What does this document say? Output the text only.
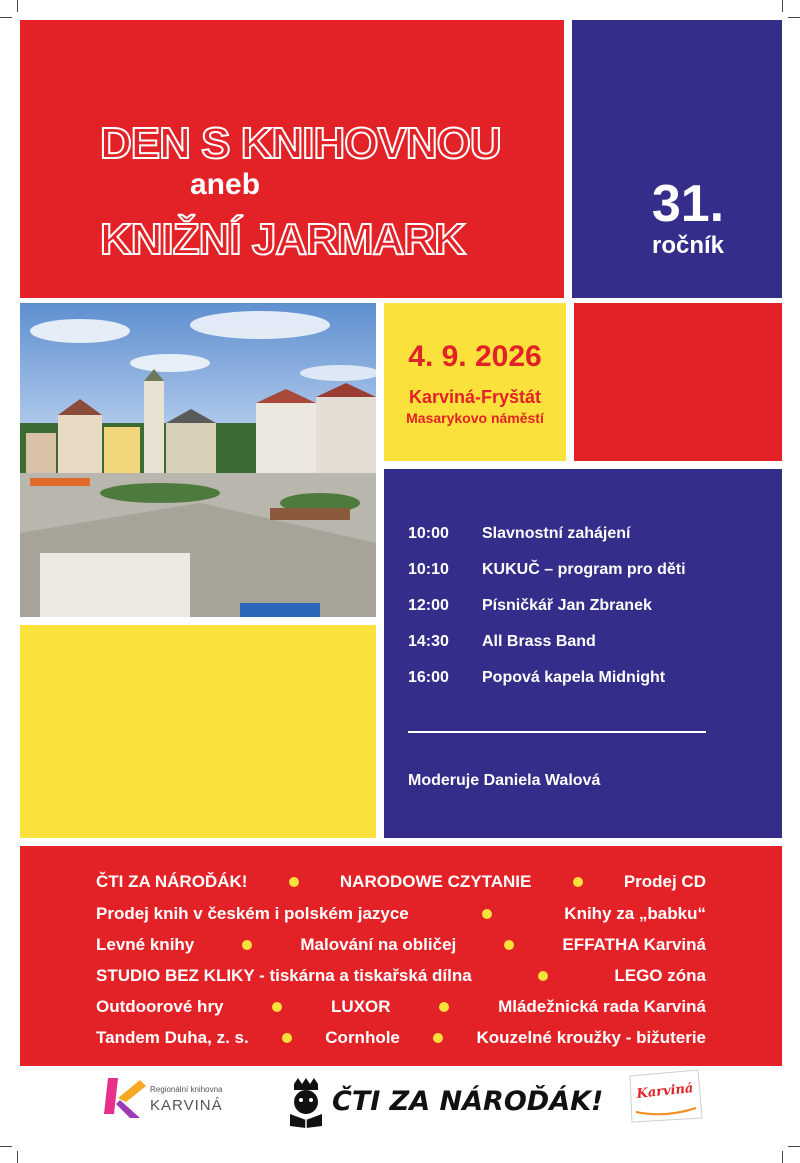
DEN S KNIHOVNOU
aneb
KNIŽNÍ JARMARK
31.
ročník
4. 9. 2026
Karviná-Fryštát
Masarykovo náměstí
10:00	Slavnostní zahájení
10:10	KUKUČ – program pro děti
12:00	Písničkář Jan Zbranek
14:30	All Brass Band
16:00	Popová kapela Midnight
Moderuje Daniela Walová
ČTI ZA NÁROĎÁK!	NARODOWE CZYTANIE	Prodej CD
Prodej knih v českém i polském jazyce	Knihy za „babku“
Levné knihy	Malování na obličej	EFFATHA Karviná
STUDIO BEZ KLIKY - tiskárna a tiskařská dílna	LEGO zóna
Outdoorové hry	LUXOR	Mládežnická rada Karviná
Tandem Duha, z. s.	Cornhole	Kouzelné kroužky - bižuterie
Regionální knihovna
KARVINÁ	ČTI ZA NÁROĎÁK!	Karviná
